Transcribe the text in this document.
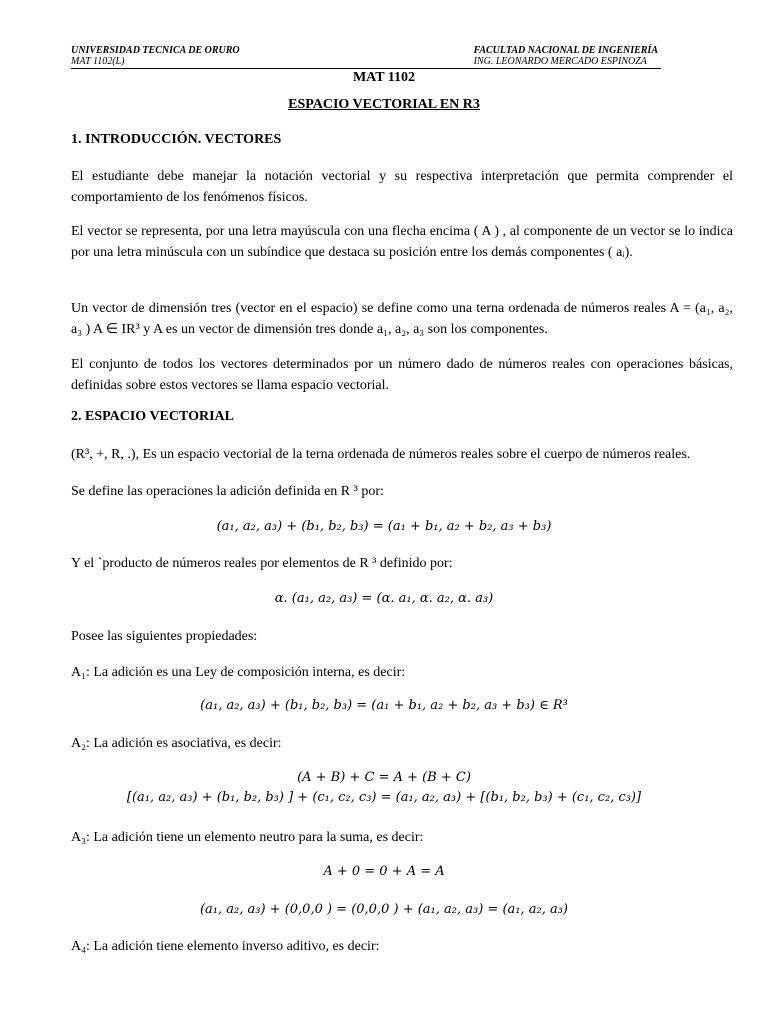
UNIVERSIDAD TECNICA DE ORURO
MAT 1102(L)
FACULTAD NACIONAL DE INGENIERÍA
ING. LEONARDO MERCADO ESPINOZA
MAT 1102
ESPACIO VECTORIAL EN R3
1. INTRODUCCIÓN. VECTORES
El estudiante debe manejar la notación vectorial y su respectiva interpretación que permita comprender el comportamiento de los fenómenos físicos.
El vector se representa, por una letra mayúscula con una flecha encima ( A ) , al componente de un vector se lo indica por una letra minúscula con un subíndice que destaca su posición entre los demás componentes ( aᵢ).
Un vector de dimensión tres (vector en el espacio) se define como una terna ordenada de números reales A = (a₁, a₂, a₃ ) A ∈ IR³ y A es un vector de dimensión tres donde a₁, a₂, a₃ son los componentes.
El conjunto de todos los vectores determinados por un número dado de números reales con operaciones básicas, definidas sobre estos vectores se llama espacio vectorial.
2. ESPACIO VECTORIAL
(R³, +, R, .), Es un espacio vectorial de la terna ordenada de números reales sobre el cuerpo de números reales.
Se define las operaciones la adición definida en R ³ por:
(a₁, a₂, a₃) + (b₁, b₂, b₃) = (a₁ + b₁, a₂ + b₂, a₃ + b₃)
Y el `producto de números reales por elementos de R ³ definido por:
α. (a₁, a₂, a₃) = (α. a₁, α. a₂, α. a₃)
Posee las siguientes propiedades:
A₁: La adición es una Ley de composición interna, es decir:
(a₁, a₂, a₃) + (b₁, b₂, b₃) = (a₁ + b₁, a₂ + b₂, a₃ + b₃) ∈ R³
A₂: La adición es asociativa, es decir:
(A + B) + C = A + (B + C)
[(a₁, a₂, a₃) + (b₁, b₂, b₃) ] + (c₁, c₂, c₃) = (a₁, a₂, a₃) + [(b₁, b₂, b₃) + (c₁, c₂, c₃)]
A₃: La adición tiene un elemento neutro para la suma, es decir:
A + 0 = 0 + A = A
(a₁, a₂, a₃) + (0,0,0 ) = (0,0,0 ) + (a₁, a₂, a₃) = (a₁, a₂, a₃)
A₄: La adición tiene elemento inverso aditivo, es decir:
